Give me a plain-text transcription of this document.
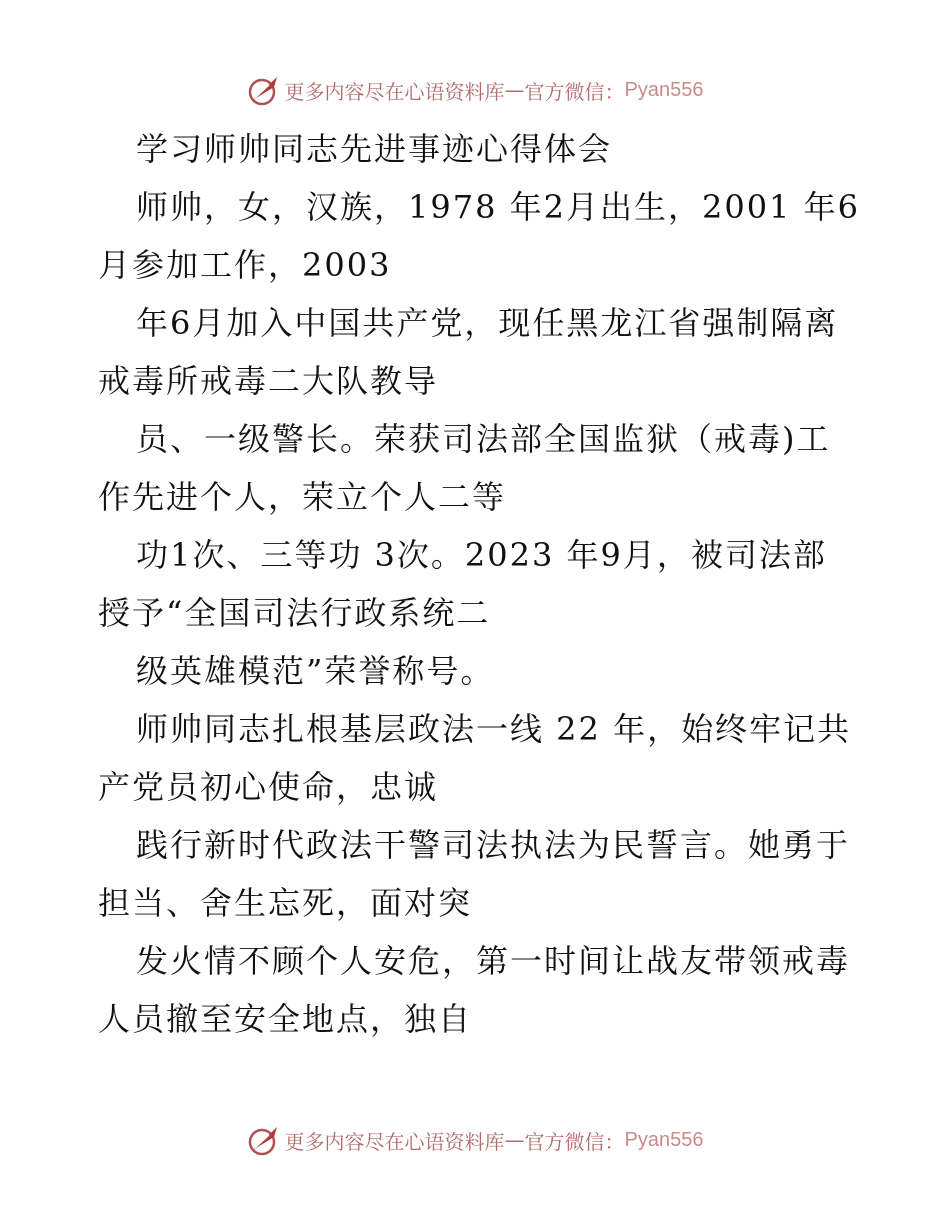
更多内容尽在心语资料库 — 官方微信： Pyan556
学习师帅同志先进事迹心得体会
师帅，女，汉族，1978 年2月出生，2001 年6
月参加工作，2003
年6月加入中国共产党，现任黑龙江省强制隔离
戒毒所戒毒二大队教导
员、一级警长。荣获司法部全国监狱（戒毒)工
作先进个人，荣立个人二等
功1次、三等功 3次。2023 年9月，被司法部
授予“全国司法行政系统二
级英雄模范”荣誉称号。
师帅同志扎根基层政法一线 22 年，始终牢记共
产党员初心使命，忠诚
践行新时代政法干警司法执法为民誓言。她勇于
担当、舍生忘死，面对突
发火情不顾个人安危，第一时间让战友带领戒毒
人员撤至安全地点，独自
更多内容尽在心语资料库 — 官方微信： Pyan556
